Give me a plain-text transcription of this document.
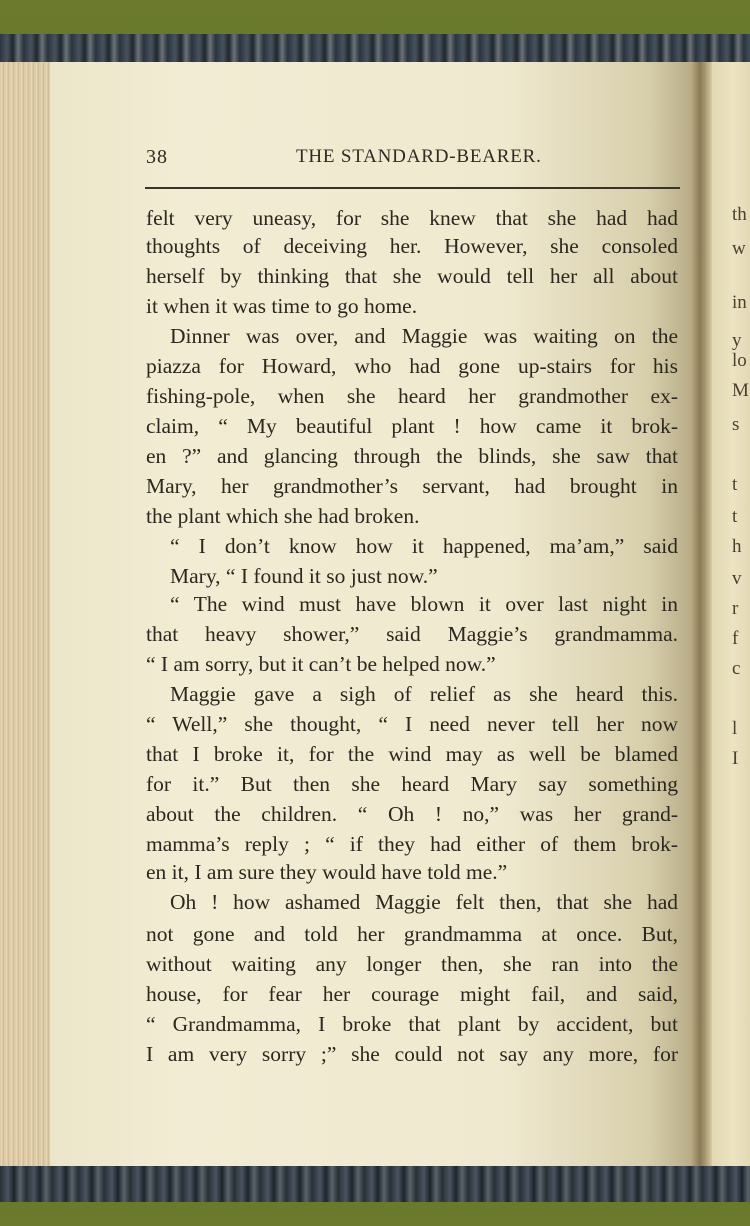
38	THE STANDARD-BEARER.
felt very uneasy, for she knew that she had had
thoughts of deceiving her. However, she consoled
herself by thinking that she would tell her all about
it when it was time to go home.
Dinner was over, and Maggie was waiting on the
piazza for Howard, who had gone up-stairs for his
fishing-pole, when she heard her grandmother ex-
claim, “ My beautiful plant ! how came it brok-
en ?” and glancing through the blinds, she saw that
Mary, her grandmother’s servant, had brought in
the plant which she had broken.
“ I don’t know how it happened, ma’am,” said
Mary, “ I found it so just now.”
“ The wind must have blown it over last night in
that heavy shower,” said Maggie’s grandmamma.
“ I am sorry, but it can’t be helped now.”
Maggie gave a sigh of relief as she heard this.
“ Well,” she thought, “ I need never tell her now
that I broke it, for the wind may as well be blamed
for it.” But then she heard Mary say something
about the children. “ Oh ! no,” was her grand-
mamma’s reply ; “ if they had either of them brok-
en it, I am sure they would have told me.”
Oh ! how ashamed Maggie felt then, that she had
not gone and told her grandmamma at once. But,
without waiting any longer then, she ran into the
house, for fear her courage might fail, and said,
“ Grandmamma, I broke that plant by accident, but
I am very sorry ;” she could not say any more, for
th
w
in
y
lo
M
s
t
t
h
v
r
f
c
l
I
